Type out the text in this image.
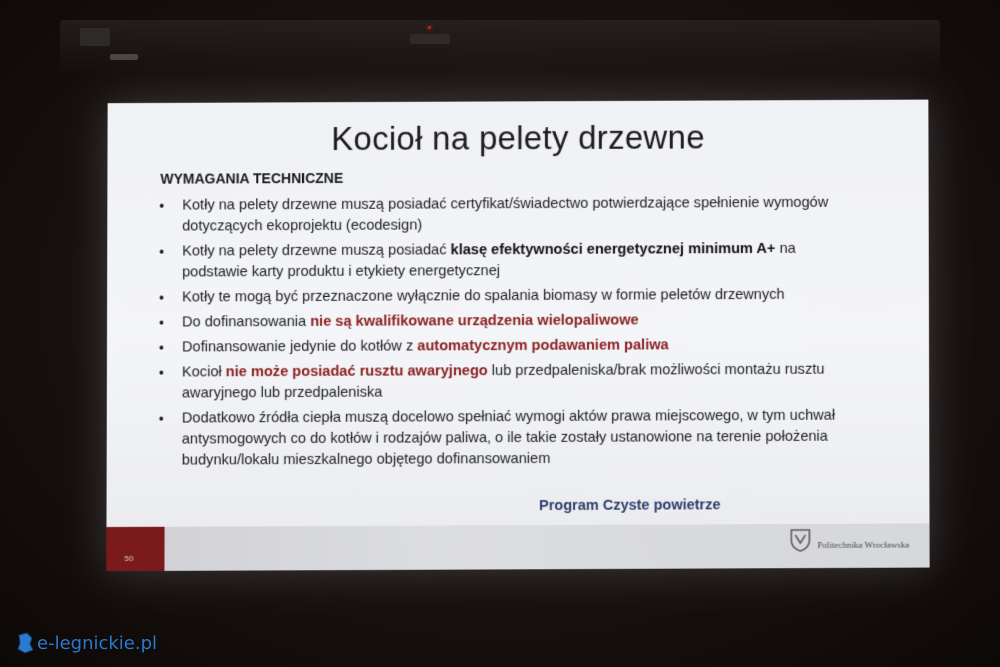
Kocioł na pelety drzewne
WYMAGANIA TECHNICZNE
• Kotły na pelety drzewne muszą posiadać certyfikat/świadectwo potwierdzające spełnienie wymogów dotyczących ekoprojektu (ecodesign)
• Kotły na pelety drzewne muszą posiadać klasę efektywności energetycznej minimum A+ na podstawie karty produktu i etykiety energetycznej
• Kotły te mogą być przeznaczone wyłącznie do spalania biomasy w formie peletów drzewnych
• Do dofinansowania nie są kwalifikowane urządzenia wielopaliwowe
• Dofinansowanie jedynie do kotłów z automatycznym podawaniem paliwa
• Kocioł nie może posiadać rusztu awaryjnego lub przedpaleniska/brak możliwości montażu rusztu awaryjnego lub przedpaleniska
• Dodatkowo źródła ciepła muszą docelowo spełniać wymogi aktów prawa miejscowego, w tym uchwał antysmogowych co do kotłów i rodzajów paliwa, o ile takie zostały ustanowione na terenie położenia budynku/lokalu mieszkalnego objętego dofinansowaniem
Program Czyste powietrze
50
Politechnika Wrocławska
e-legnickie.pl
